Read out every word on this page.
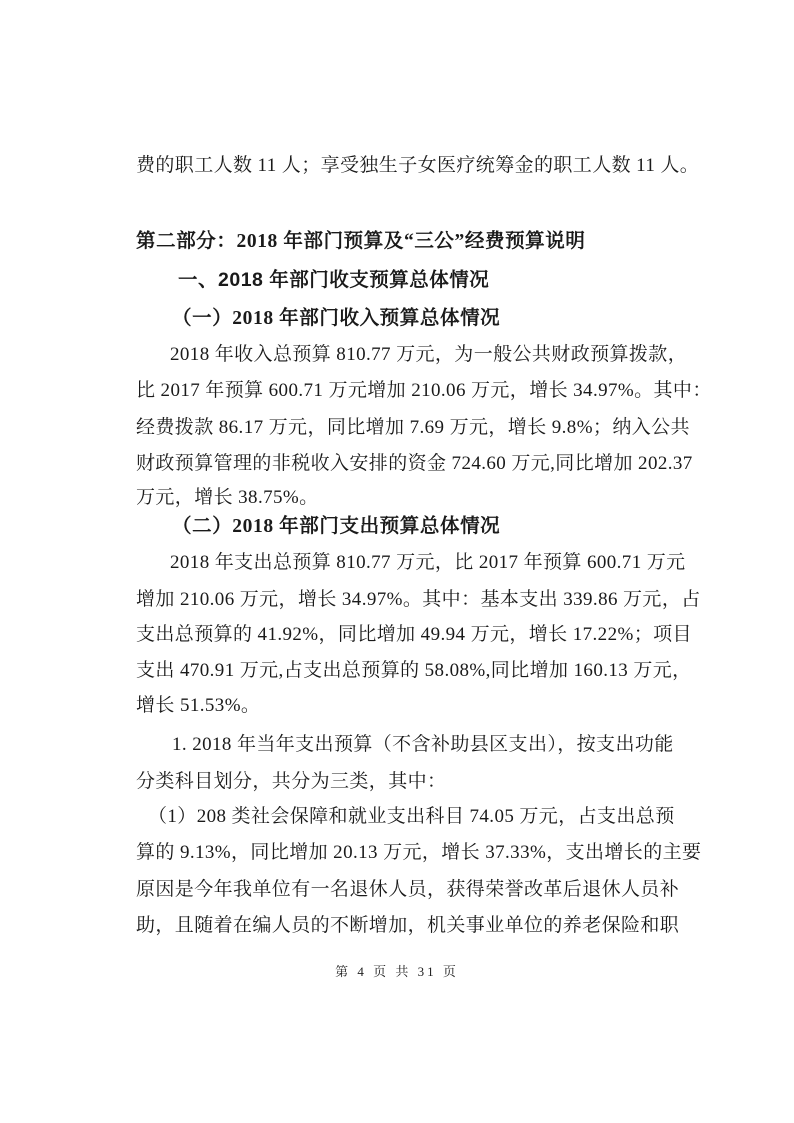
费的职工人数 11 人；享受独生子女医疗统筹金的职工人数 11 人。
第二部分：2018 年部门预算及“三公”经费预算说明
一、2018 年部门收支预算总体情况
（一）2018 年部门收入预算总体情况
2018 年收入总预算 810.77 万元，为一般公共财政预算拨款，
比 2017 年预算 600.71 万元增加 210.06 万元，增长 34.97%。其中：
经费拨款 86.17 万元，同比增加 7.69 万元，增长 9.8%；纳入公共
财政预算管理的非税收入安排的资金 724.60 万元,同比增加 202.37
万元，增长 38.75%。
（二）2018 年部门支出预算总体情况
2018 年支出总预算 810.77 万元，比 2017 年预算 600.71 万元
增加 210.06 万元，增长 34.97%。其中：基本支出 339.86 万元，占
支出总预算的 41.92%，同比增加 49.94 万元，增长 17.22%；项目
支出 470.91 万元,占支出总预算的 58.08%,同比增加 160.13 万元，
增长 51.53%。
1. 2018 年当年支出预算（不含补助县区支出），按支出功能
分类科目划分，共分为三类，其中：
（1）208 类社会保障和就业支出科目 74.05 万元，占支出总预
算的 9.13%，同比增加 20.13 万元，增长 37.33%，支出增长的主要
原因是今年我单位有一名退休人员，获得荣誉改革后退休人员补
助，且随着在编人员的不断增加，机关事业单位的养老保险和职
第 4 页 共 31 页
